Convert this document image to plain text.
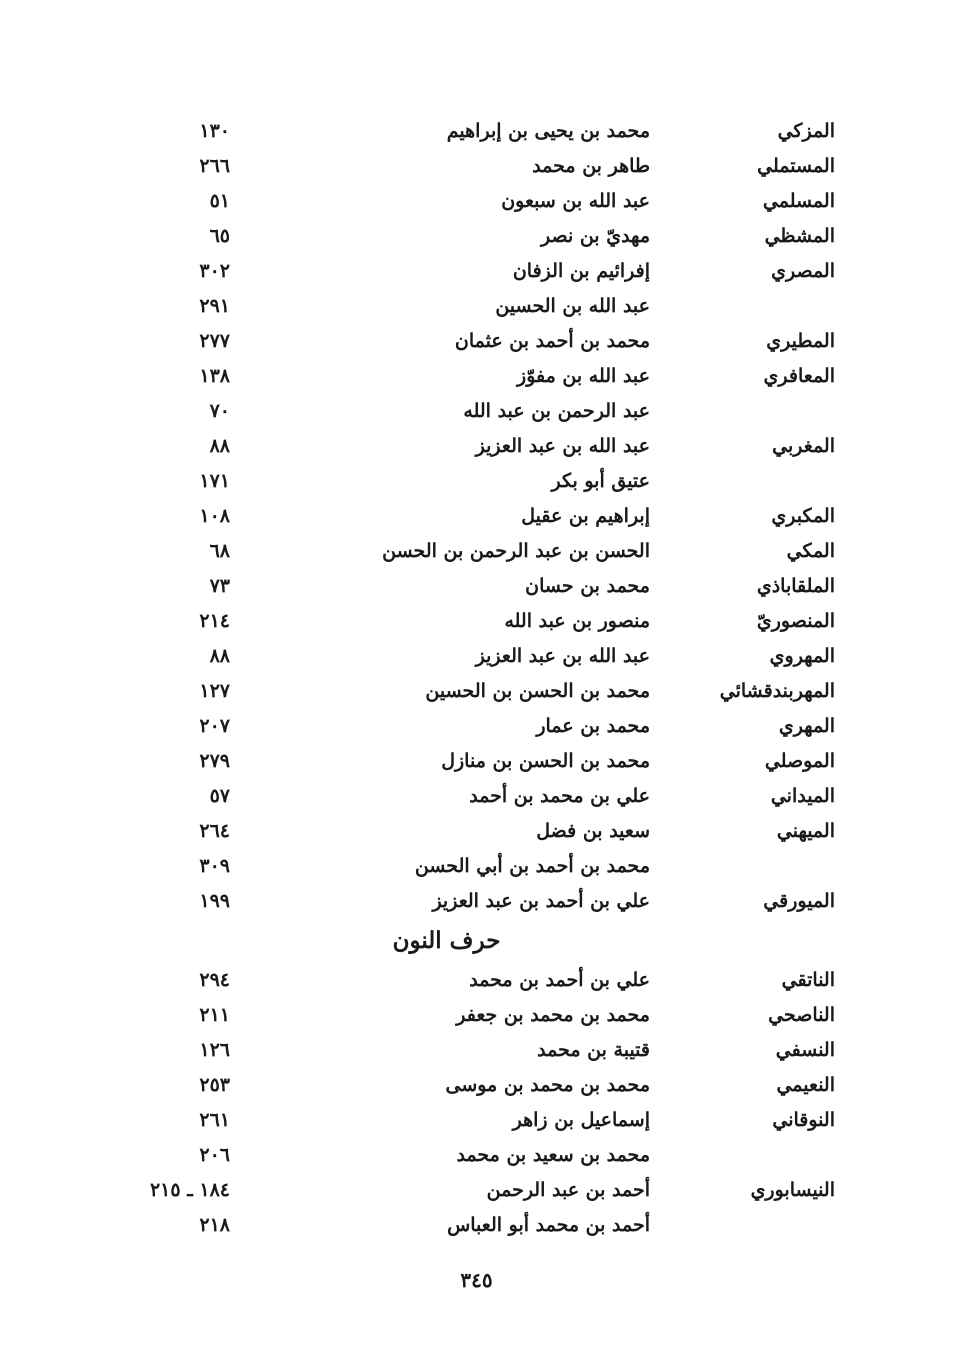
المزكي
محمد بن يحيى بن إبراهيم
١٣٠
المستملي
طاهر بن محمد
٢٦٦
المسلمي
عبد الله بن سبعون
٥١
المشظي
مهديّ بن نصر
٦٥
المصري
إفرائيم بن الزفان
٣٠٢
عبد الله بن الحسين
٢٩١
المطيري
محمد بن أحمد بن عثمان
٢٧٧
المعافري
عبد الله بن مفوّز
١٣٨
عبد الرحمن بن عبد الله
٧٠
المغربي
عبد الله بن عبد العزيز
٨٨
عتيق أبو بكر
١٧١
المكبري
إبراهيم بن عقيل
١٠٨
المكي
الحسن بن عبد الرحمن بن الحسن
٦٨
الملقاباذي
محمد بن حسان
٧٣
المنصوريّ
منصور بن عبد الله
٢١٤
المهروي
عبد الله بن عبد العزيز
٨٨
المهربندقشائي
محمد بن الحسن بن الحسين
١٢٧
المهري
محمد بن عمار
٢٠٧
الموصلي
محمد بن الحسن بن منازل
٢٧٩
الميداني
علي بن محمد بن أحمد
٥٧
الميهني
سعيد بن فضل
٢٦٤
محمد بن أحمد بن أبي الحسن
٣٠٩
الميورقي
علي بن أحمد بن عبد العزيز
١٩٩
حرف النون
الناتقي
علي بن أحمد بن محمد
٢٩٤
الناصحي
محمد بن محمد بن جعفر
٢١١
النسفي
قتيبة بن محمد
١٢٦
النعيمي
محمد بن محمد بن موسى
٢٥٣
النوقاني
إسماعيل بن زاهر
٢٦١
محمد بن سعيد بن محمد
٢٠٦
النيسابوري
أحمد بن عبد الرحمن
١٨٤ ـ ٢١٥
أحمد بن محمد أبو العباس
٢١٨
٣٤٥
